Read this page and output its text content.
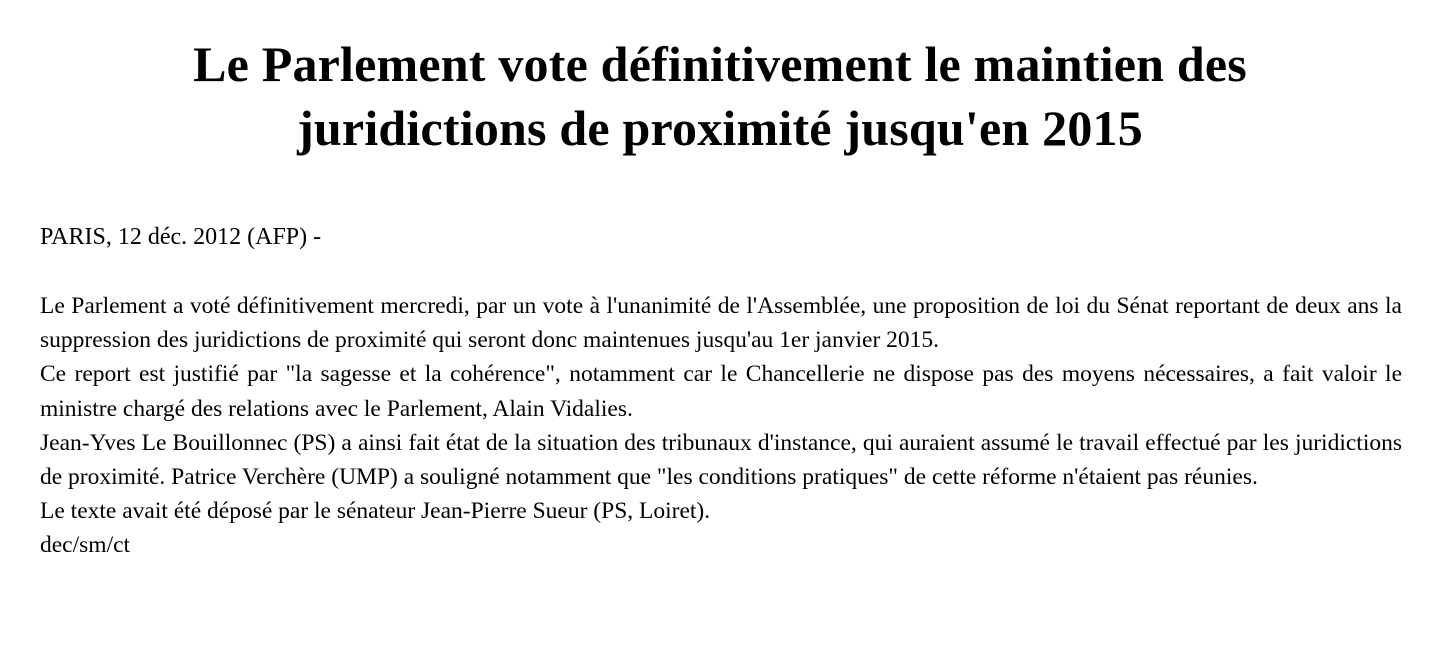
Le Parlement vote définitivement le maintien des
juridictions de proximité jusqu'en 2015

PARIS, 12 déc. 2012 (AFP) -

Le Parlement a voté définitivement mercredi, par un vote à l'unanimité de l'Assemblée, une proposition de loi du Sénat reportant de deux ans la suppression des juridictions de proximité qui seront donc maintenues jusqu'au 1er janvier 2015.

Ce report est justifié par "la sagesse et la cohérence", notamment car le Chancellerie ne dispose pas des moyens nécessaires, a fait valoir le ministre chargé des relations avec le Parlement, Alain Vidalies.

Jean-Yves Le Bouillonnec (PS) a ainsi fait état de la situation des tribunaux d'instance, qui auraient assumé le travail effectué par les juridictions de proximité. Patrice Verchère (UMP) a souligné notamment que "les conditions pratiques" de cette réforme n'étaient pas réunies.

Le texte avait été déposé par le sénateur Jean-Pierre Sueur (PS, Loiret).

dec/sm/ct
